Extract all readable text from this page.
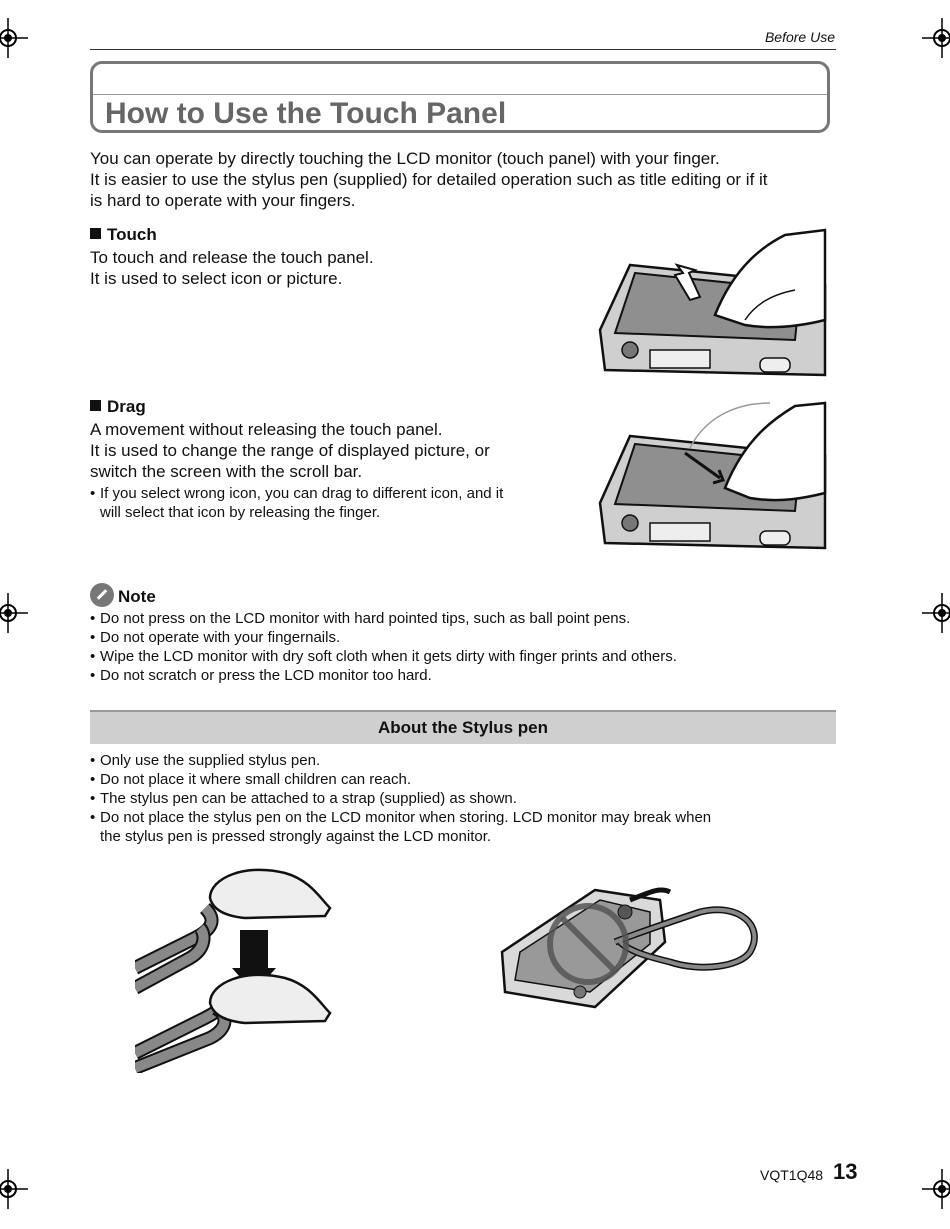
Before Use
How to Use the Touch Panel
You can operate by directly touching the LCD monitor (touch panel) with your finger.
It is easier to use the stylus pen (supplied) for detailed operation such as title editing or if it
is hard to operate with your fingers.
Touch
To touch and release the touch panel.
It is used to select icon or picture.
Drag
A movement without releasing the touch panel.
It is used to change the range of displayed picture, or
switch the screen with the scroll bar.
• If you select wrong icon, you can drag to different icon, and it
will select that icon by releasing the finger.
Note
• Do not press on the LCD monitor with hard pointed tips, such as ball point pens.
• Do not operate with your fingernails.
• Wipe the LCD monitor with dry soft cloth when it gets dirty with finger prints and others.
• Do not scratch or press the LCD monitor too hard.
About the Stylus pen
• Only use the supplied stylus pen.
• Do not place it where small children can reach.
• The stylus pen can be attached to a strap (supplied) as shown.
• Do not place the stylus pen on the LCD monitor when storing. LCD monitor may break when
the stylus pen is pressed strongly against the LCD monitor.
VQT1Q48 13
